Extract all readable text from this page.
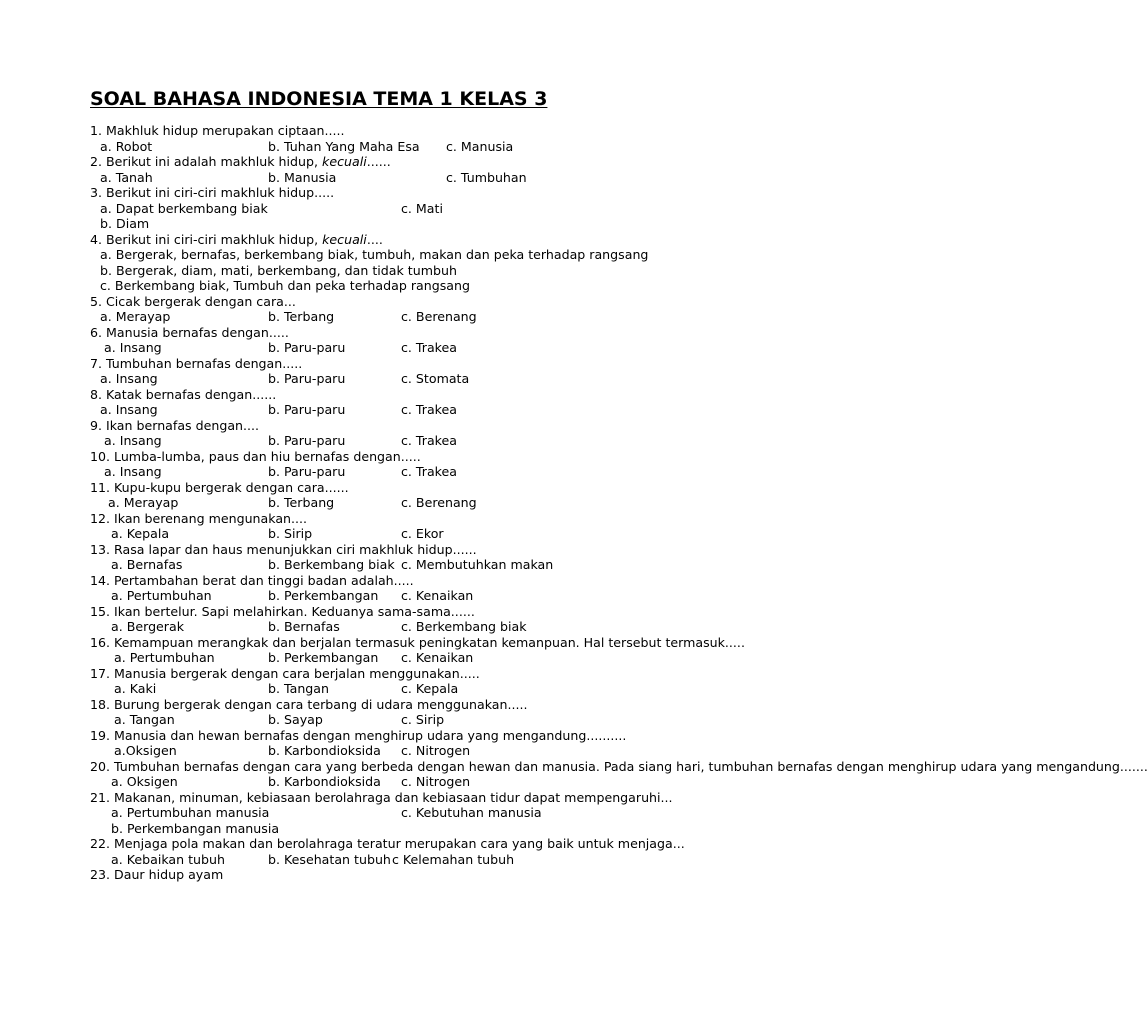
SOAL BAHASA INDONESIA TEMA 1 KELAS 3
1. Makhluk hidup merupakan ciptaan.....
a. Robot	b. Tuhan Yang Maha Esa c. Manusia
2. Berikut ini adalah makhluk hidup, kecuali......
a. Tanah	b. Manusia	c. Tumbuhan
3. Berikut ini ciri-ciri makhluk hidup.....
a. Dapat berkembang biak	c. Mati
b. Diam
4. Berikut ini ciri-ciri makhluk hidup, kecuali....
a. Bergerak, bernafas, berkembang biak, tumbuh, makan dan peka terhadap rangsang
b. Bergerak, diam, mati, berkembang, dan tidak tumbuh
c. Berkembang biak, Tumbuh dan peka terhadap rangsang
5. Cicak bergerak dengan cara...
a. Merayap	b. Terbang	c. Berenang
6. Manusia bernafas dengan.....
a. Insang	b. Paru-paru	c. Trakea
7. Tumbuhan bernafas dengan.....
a. Insang	b. Paru-paru	c. Stomata
8. Katak bernafas dengan......
a. Insang	b. Paru-paru	c. Trakea
9. Ikan bernafas dengan....
a. Insang	b. Paru-paru	c. Trakea
10. Lumba-lumba, paus dan hiu bernafas dengan.....
a. Insang	b. Paru-paru	c. Trakea
11. Kupu-kupu bergerak dengan cara......
a. Merayap	b. Terbang	c. Berenang
12. Ikan berenang mengunakan....
a. Kepala	b. Sirip	c. Ekor
13. Rasa lapar dan haus menunjukkan ciri makhluk hidup......
a. Bernafas	b. Berkembang biak c. Membutuhkan makan
14. Pertambahan berat dan tinggi badan adalah.....
a. Pertumbuhan	b. Perkembangan c. Kenaikan
15. Ikan bertelur. Sapi melahirkan. Keduanya sama-sama......
a. Bergerak	b. Bernafas	c. Berkembang biak
16. Kemampuan merangkak dan berjalan termasuk peningkatan kemanpuan. Hal tersebut termasuk.....
a. Pertumbuhan	b. Perkembangan c. Kenaikan
17. Manusia bergerak dengan cara berjalan menggunakan.....
a. Kaki	b. Tangan	c. Kepala
18. Burung bergerak dengan cara terbang di udara menggunakan.....
a. Tangan	b. Sayap	c. Sirip
19. Manusia dan hewan bernafas dengan menghirup udara yang mengandung..........
a.Oksigen	b. Karbondioksida c. Nitrogen
20. Tumbuhan bernafas dengan cara yang berbeda dengan hewan dan manusia. Pada siang hari, tumbuhan bernafas dengan menghirup udara yang mengandung.......
a. Oksigen	b. Karbondioksida c. Nitrogen
21. Makanan, minuman, kebiasaan berolahraga dan kebiasaan tidur dapat mempengaruhi...
a. Pertumbuhan manusia	c. Kebutuhan manusia
b. Perkembangan manusia
22. Menjaga pola makan dan berolahraga teratur merupakan cara yang baik untuk menjaga...
a. Kebaikan tubuh	b. Kesehatan tubuh c Kelemahan tubuh
23. Daur hidup ayam
